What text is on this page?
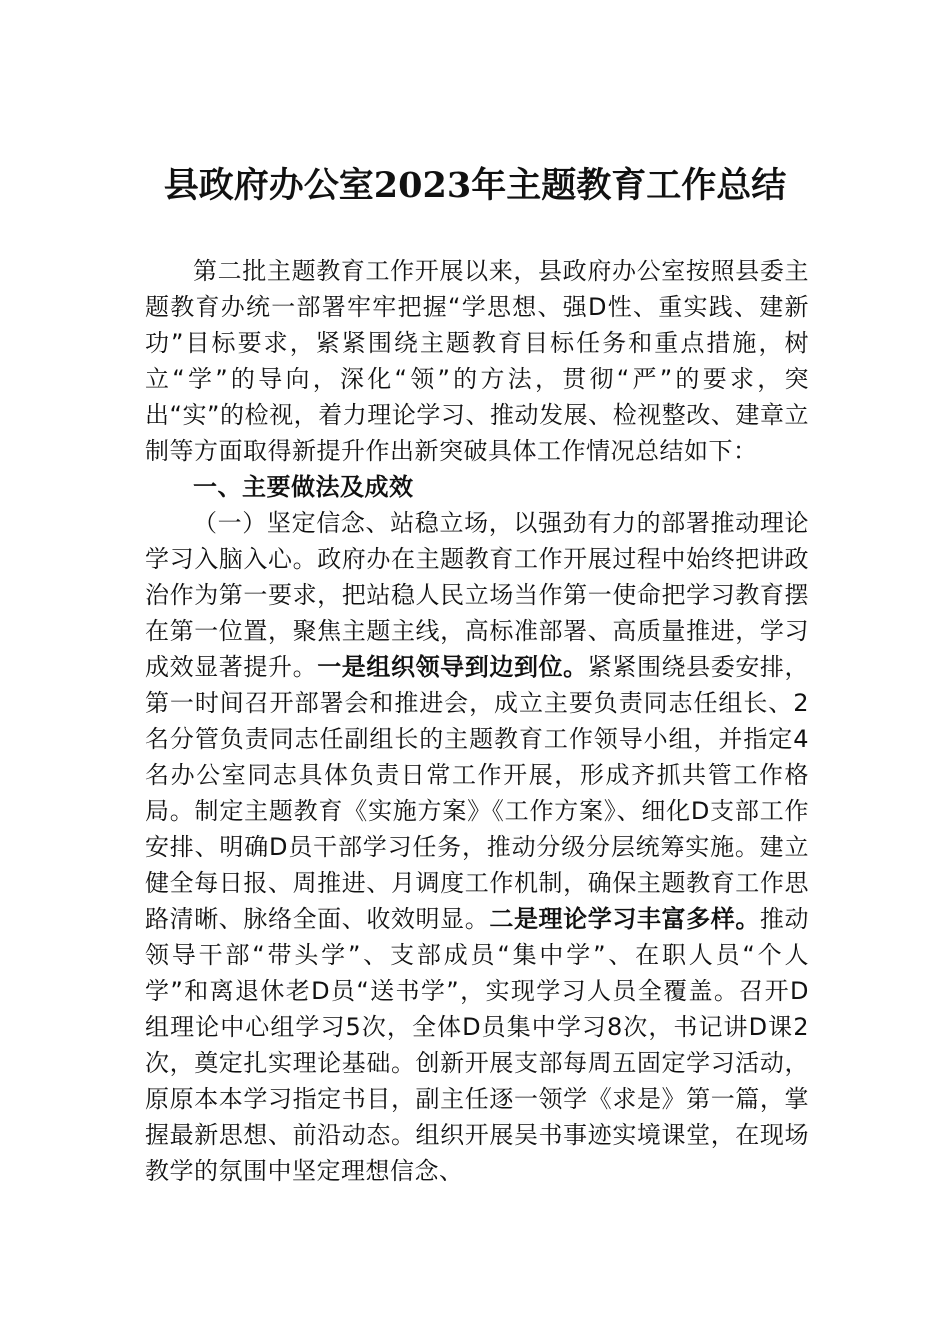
县政府办公室2023年主题教育工作总结

第二批主题教育工作开展以来，县政府办公室按照县委主题教育办统一部署牢牢把握“学思想、强D性、重实践、建新功”目标要求，紧紧围绕主题教育目标任务和重点措施，树立“学”的导向，深化“领”的方法，贯彻“严”的要求，突出“实”的检视，着力理论学习、推动发展、检视整改、建章立制等方面取得新提升作出新突破具体工作情况总结如下：

一、主要做法及成效

（一）坚定信念、站稳立场，以强劲有力的部署推动理论学习入脑入心。政府办在主题教育工作开展过程中始终把讲政治作为第一要求，把站稳人民立场当作第一使命把学习教育摆在第一位置，聚焦主题主线，高标准部署、高质量推进，学习成效显著提升。一是组织领导到边到位。紧紧围绕县委安排，第一时间召开部署会和推进会，成立主要负责同志任组长、2名分管负责同志任副组长的主题教育工作领导小组，并指定4名办公室同志具体负责日常工作开展，形成齐抓共管工作格局。制定主题教育《实施方案》《工作方案》、细化D支部工作安排、明确D员干部学习任务，推动分级分层统筹实施。建立健全每日报、周推进、月调度工作机制，确保主题教育工作思路清晰、脉络全面、收效明显。二是理论学习丰富多样。推动领导干部“带头学”、支部成员“集中学”、在职人员“个人学”和离退休老D员“送书学”，实现学习人员全覆盖。召开D组理论中心组学习5次，全体D员集中学习8次，书记讲D课2次，奠定扎实理论基础。创新开展支部每周五固定学习活动，原原本本学习指定书目，副主任逐一领学《求是》第一篇，掌握最新思想、前沿动态。组织开展吴书事迹实境课堂，在现场教学的氛围中坚定理想信念、
